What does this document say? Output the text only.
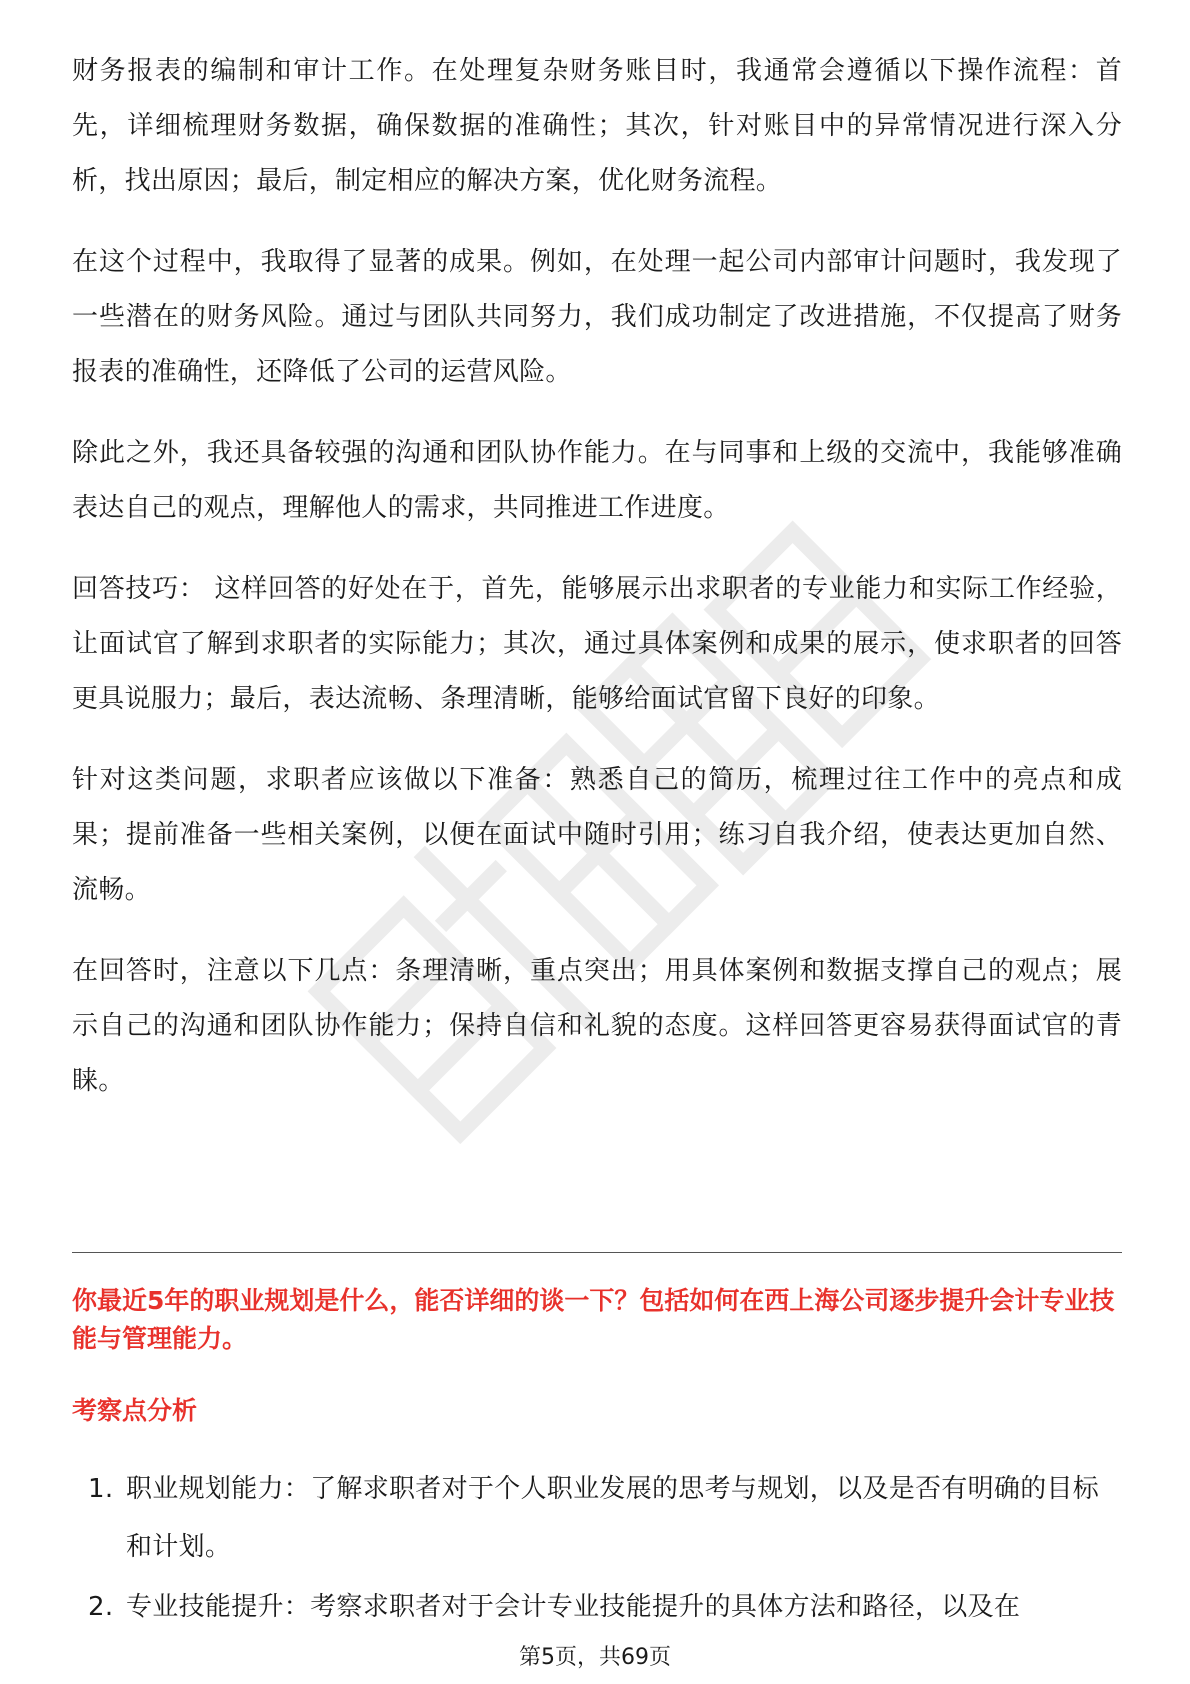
财务报表的编制和审计工作。在处理复杂财务账目时，我通常会遵循以下操作流程：首先，详细梳理财务数据，确保数据的准确性；其次，针对账目中的异常情况进行深入分析，找出原因；最后，制定相应的解决方案，优化财务流程。

在这个过程中，我取得了显著的成果。例如，在处理一起公司内部审计问题时，我发现了一些潜在的财务风险。通过与团队共同努力，我们成功制定了改进措施，不仅提高了财务报表的准确性，还降低了公司的运营风险。

除此之外，我还具备较强的沟通和团队协作能力。在与同事和上级的交流中，我能够准确表达自己的观点，理解他人的需求，共同推进工作进度。

回答技巧： 这样回答的好处在于，首先，能够展示出求职者的专业能力和实际工作经验，让面试官了解到求职者的实际能力；其次，通过具体案例和成果的展示，使求职者的回答更具说服力；最后，表达流畅、条理清晰，能够给面试官留下良好的印象。

针对这类问题，求职者应该做以下准备：熟悉自己的简历，梳理过往工作中的亮点和成果；提前准备一些相关案例，以便在面试中随时引用；练习自我介绍，使表达更加自然、流畅。

在回答时，注意以下几点：条理清晰，重点突出；用具体案例和数据支撑自己的观点；展示自己的沟通和团队协作能力；保持自信和礼貌的态度。这样回答更容易获得面试官的青睐。

你最近5年的职业规划是什么，能否详细的谈一下？包括如何在西上海公司逐步提升会计专业技能与管理能力。

考察点分析

1. 职业规划能力：了解求职者对于个人职业发展的思考与规划，以及是否有明确的目标和计划。
2. 专业技能提升：考察求职者对于会计专业技能提升的具体方法和路径，以及在
第5页，共69页
